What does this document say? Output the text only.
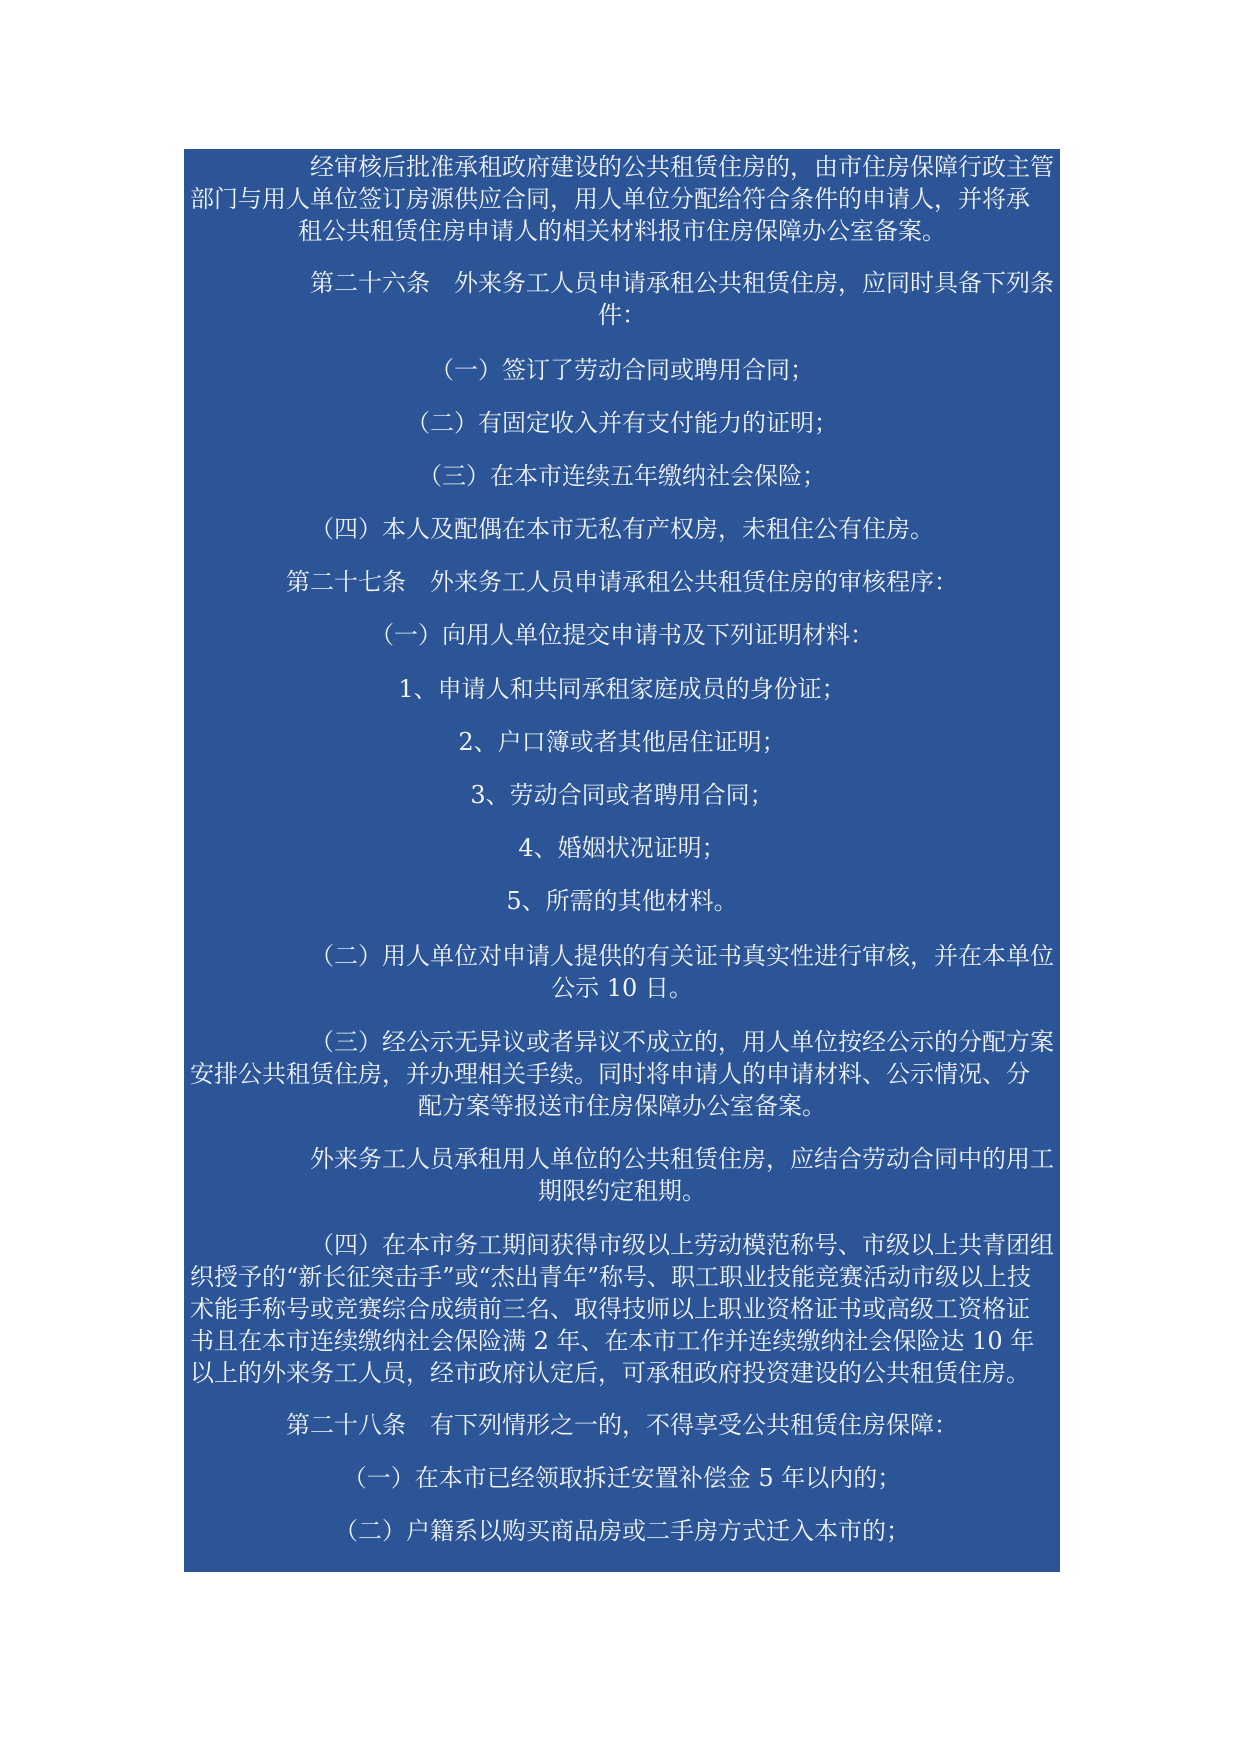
经审核后批准承租政府建设的公共租赁住房的，由市住房保障行政主管
部门与用人单位签订房源供应合同，用人单位分配给符合条件的申请人，并将承
租公共租赁住房申请人的相关材料报市住房保障办公室备案。
第二十六条　外来务工人员申请承租公共租赁住房，应同时具备下列条
件：
（一）签订了劳动合同或聘用合同；
（二）有固定收入并有支付能力的证明；
（三）在本市连续五年缴纳社会保险；
（四）本人及配偶在本市无私有产权房，未租住公有住房。
第二十七条　外来务工人员申请承租公共租赁住房的审核程序：
（一）向用人单位提交申请书及下列证明材料：
1、申请人和共同承租家庭成员的身份证；
2、户口簿或者其他居住证明；
3、劳动合同或者聘用合同；
4、婚姻状况证明；
5、所需的其他材料。
（二）用人单位对申请人提供的有关证书真实性进行审核，并在本单位
公示 10 日。
（三）经公示无异议或者异议不成立的，用人单位按经公示的分配方案
安排公共租赁住房，并办理相关手续。同时将申请人的申请材料、公示情况、分
配方案等报送市住房保障办公室备案。
外来务工人员承租用人单位的公共租赁住房，应结合劳动合同中的用工
期限约定租期。
（四）在本市务工期间获得市级以上劳动模范称号、市级以上共青团组
织授予的“新长征突击手”或“杰出青年”称号、职工职业技能竞赛活动市级以上技
术能手称号或竞赛综合成绩前三名、取得技师以上职业资格证书或高级工资格证
书且在本市连续缴纳社会保险满 2 年、在本市工作并连续缴纳社会保险达 10 年
以上的外来务工人员，经市政府认定后，可承租政府投资建设的公共租赁住房。
第二十八条　有下列情形之一的，不得享受公共租赁住房保障：
（一）在本市已经领取拆迁安置补偿金 5 年以内的；
（二）户籍系以购买商品房或二手房方式迁入本市的；
